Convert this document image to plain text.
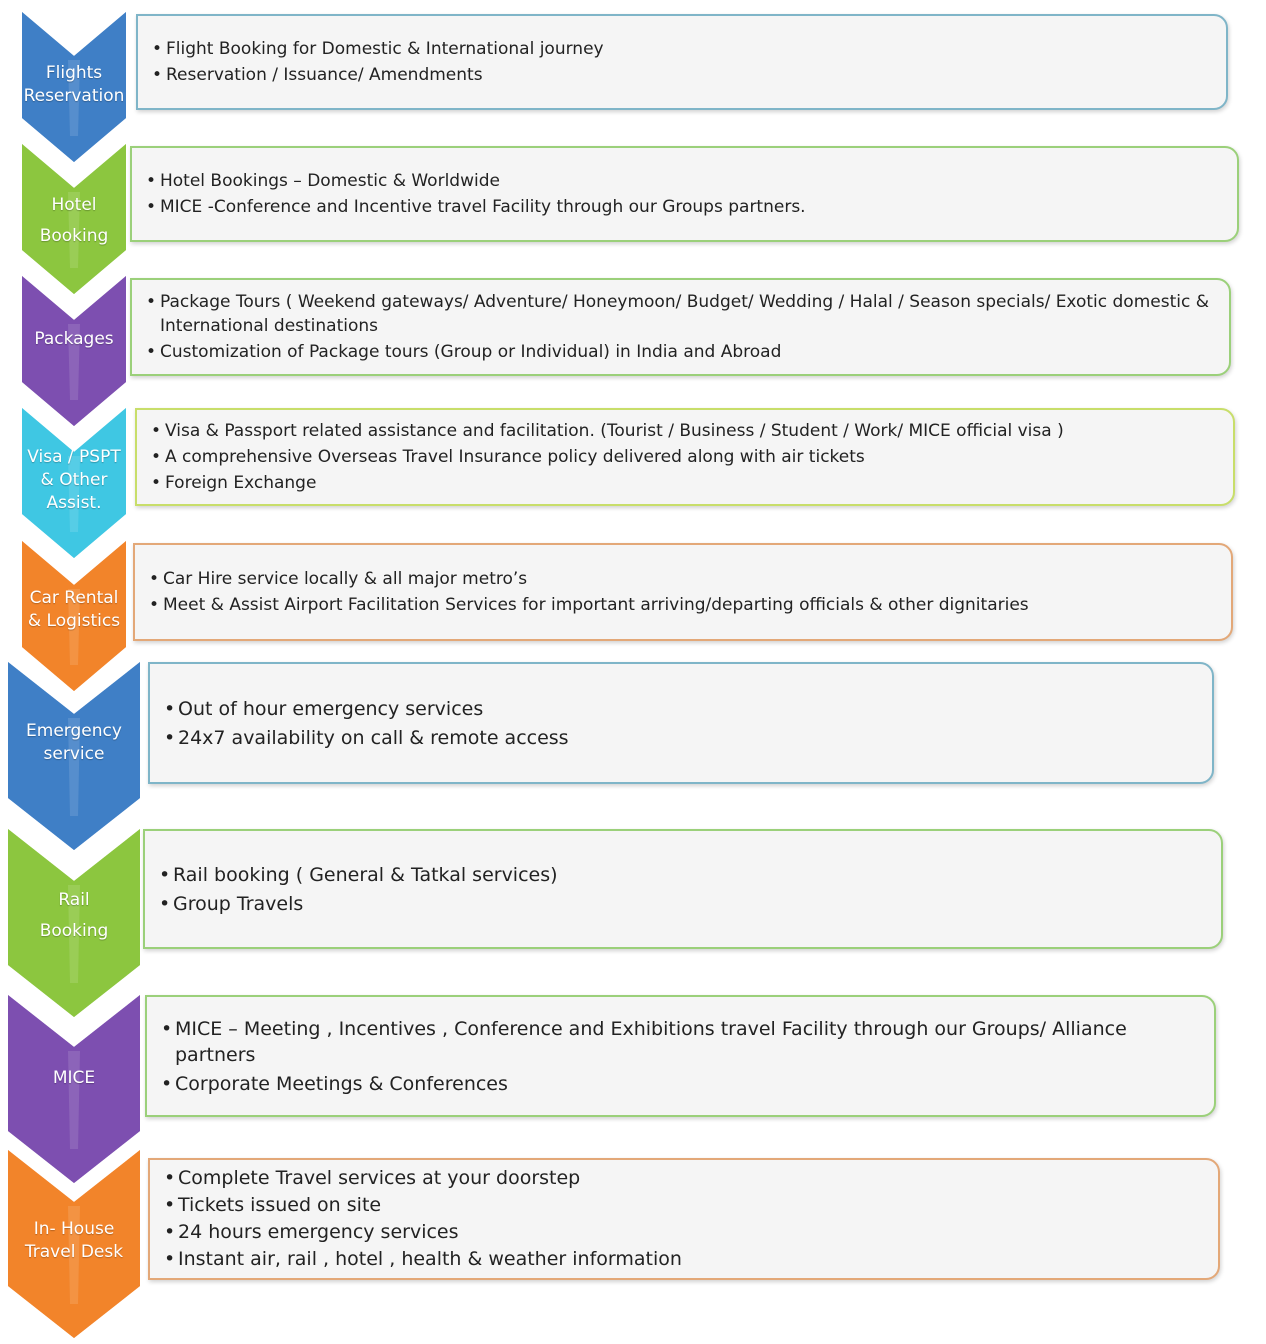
Flights
Reservation
• Flight Booking for Domestic & International journey
• Reservation / Issuance/ Amendments
Hotel
Booking
• Hotel Bookings – Domestic & Worldwide
• MICE -Conference and Incentive travel Facility through our Groups partners.
Packages
• Package Tours ( Weekend gateways/ Adventure/ Honeymoon/ Budget/ Wedding / Halal / Season specials/ Exotic domestic & International destinations
• Customization of Package tours (Group or Individual) in India and Abroad
Visa / PSPT
& Other
Assist.
• Visa & Passport related assistance and facilitation. (Tourist / Business / Student / Work/ MICE official visa )
• A comprehensive Overseas Travel Insurance policy delivered along with air tickets
• Foreign Exchange
Car Rental
& Logistics
• Car Hire service locally & all major metro’s
• Meet & Assist Airport Facilitation Services for important arriving/departing officials & other dignitaries
Emergency
service
• Out of hour emergency services
• 24x7 availability on call & remote access
Rail
Booking
• Rail booking ( General & Tatkal services)
• Group Travels
MICE
• MICE – Meeting , Incentives , Conference and Exhibitions travel Facility through our Groups/ Alliance partners
• Corporate Meetings & Conferences
In- House
Travel Desk
• Complete Travel services at your doorstep
• Tickets issued on site
• 24 hours emergency services
• Instant air, rail , hotel , health & weather information
